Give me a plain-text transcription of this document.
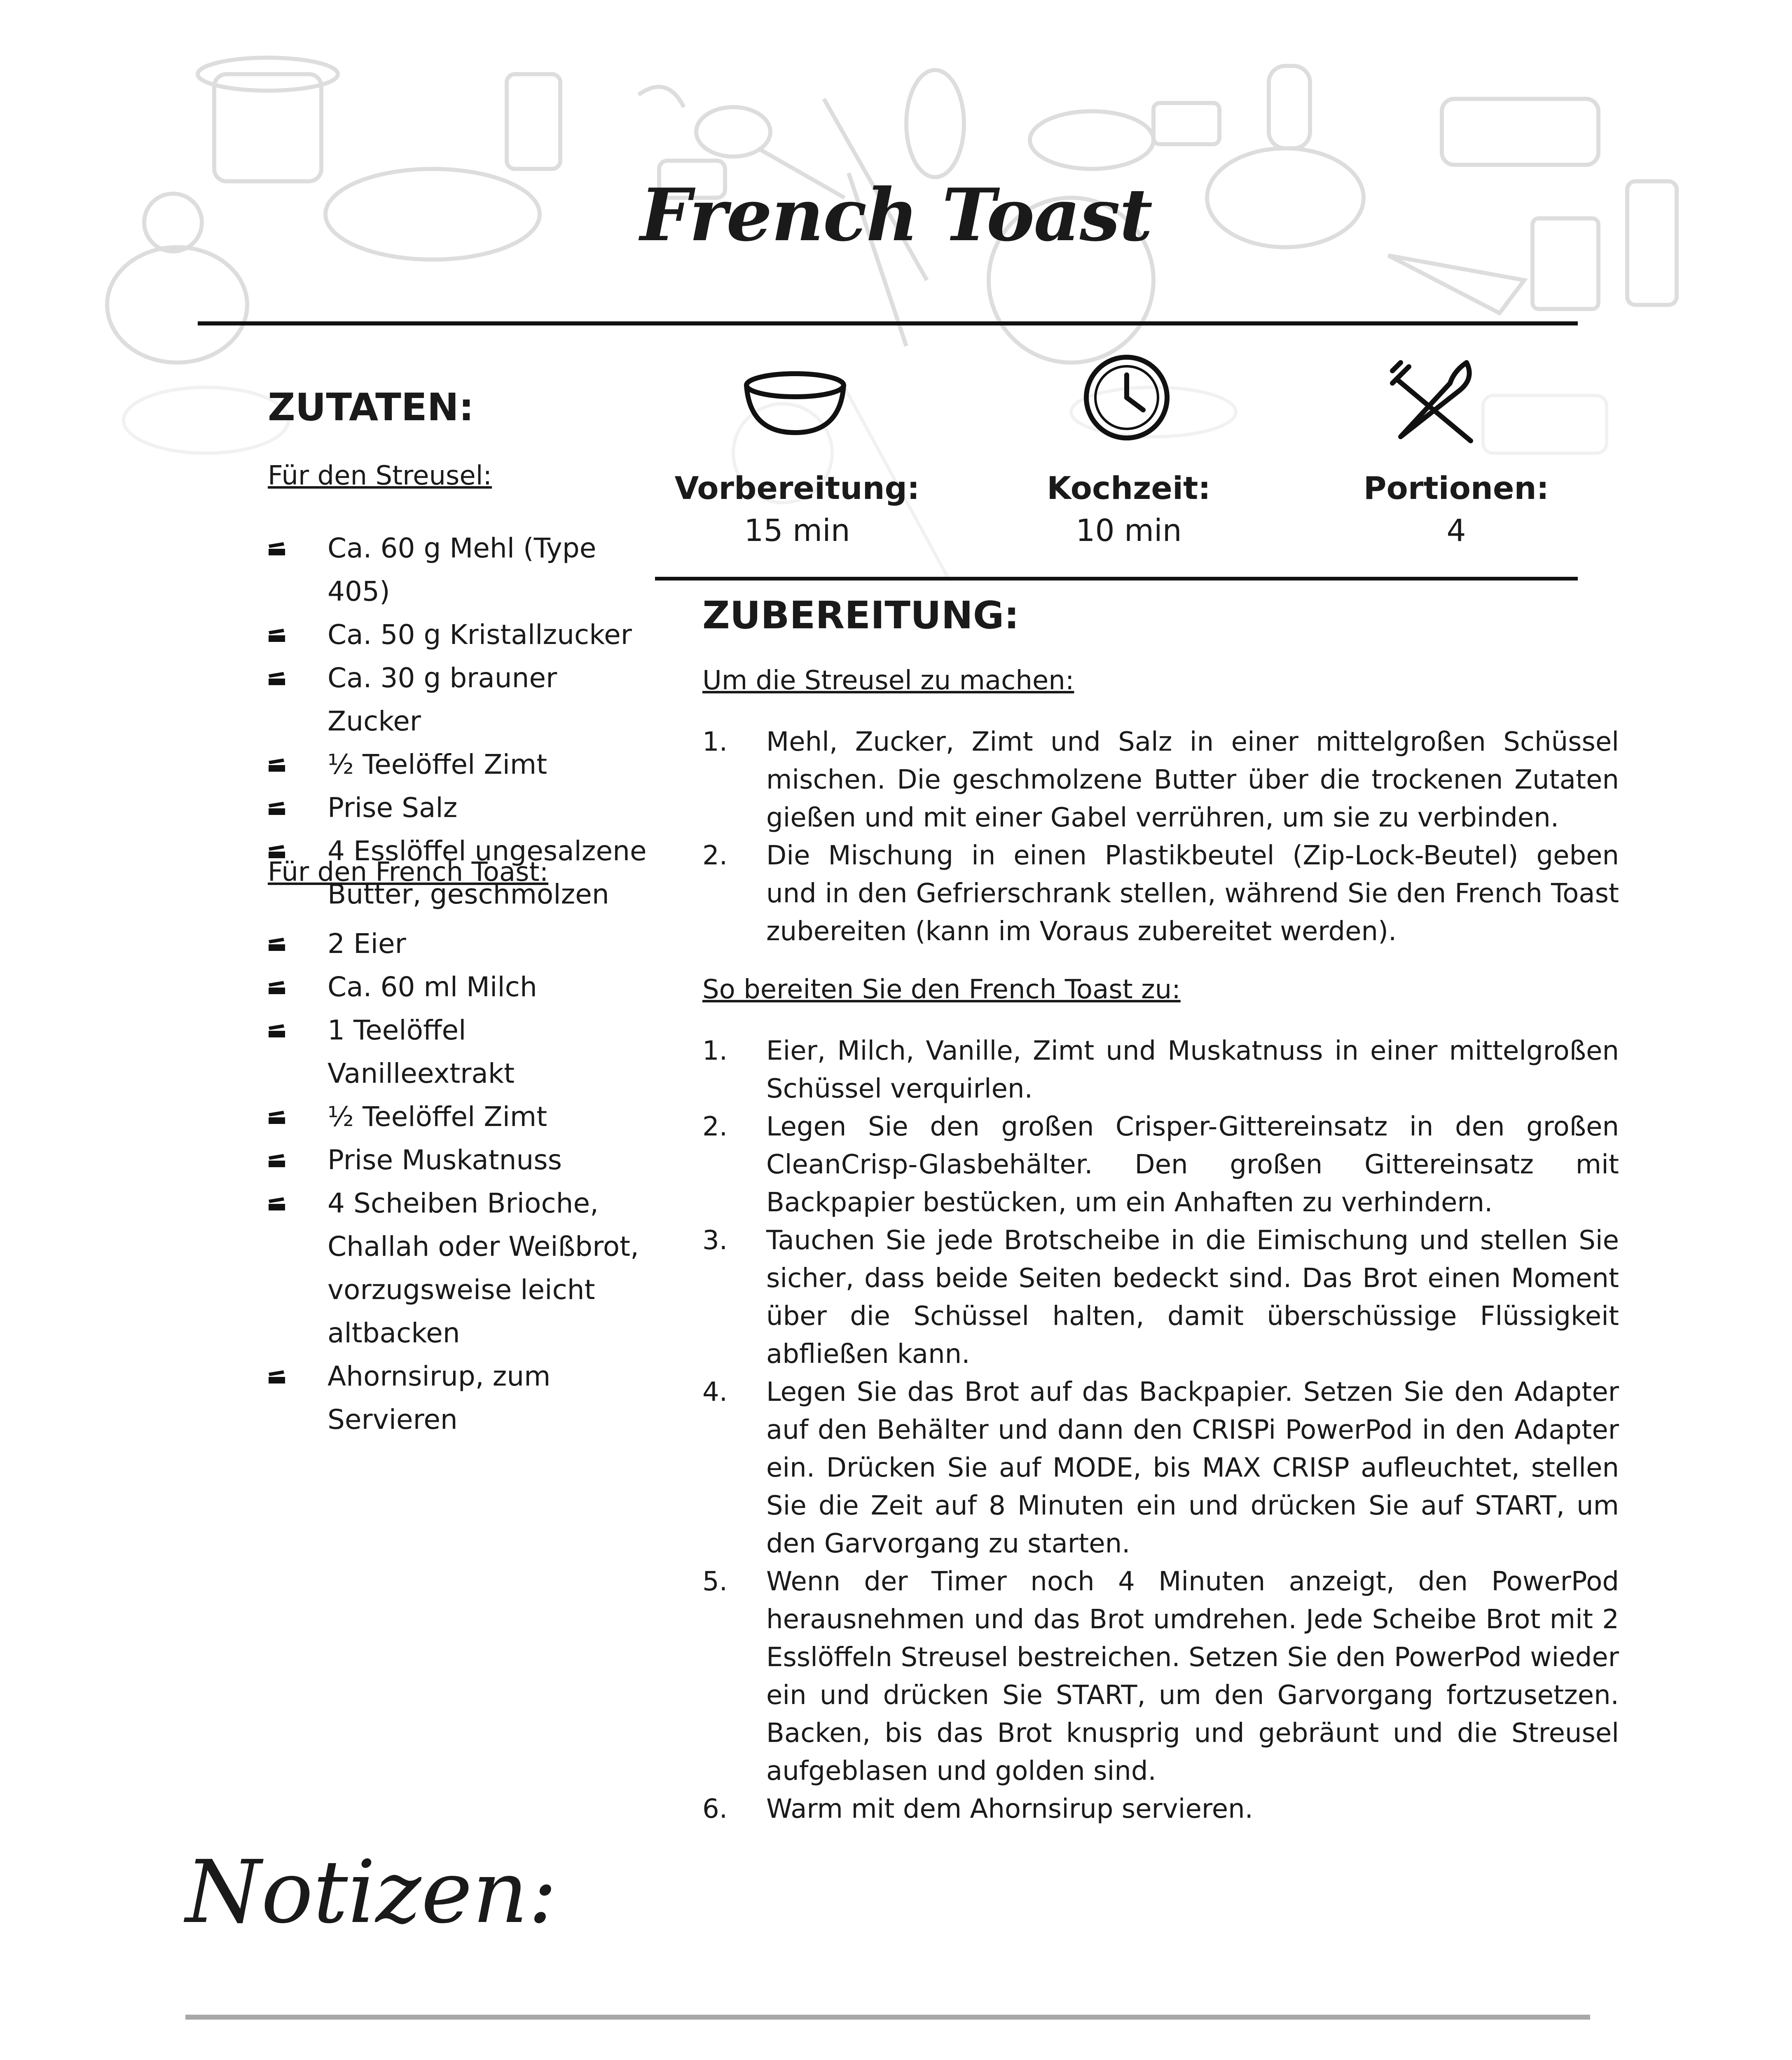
French Toast
ZUTATEN:
Für den Streusel:
Ca. 60 g Mehl (Type 405)
Ca. 50 g Kristallzucker
Ca. 30 g brauner Zucker
½ Teelöffel Zimt
Prise Salz
4 Esslöffel ungesalzene Butter, geschmolzen
Für den French Toast:
2 Eier
Ca. 60 ml Milch
1 Teelöffel Vanilleextrakt
½ Teelöffel Zimt
Prise Muskatnuss
4 Scheiben Brioche, Challah oder Weißbrot, vorzugsweise leicht altbacken
Ahornsirup, zum Servieren
Vorbereitung:
15 min
Kochzeit:
10 min
Portionen:
4
ZUBEREITUNG:
Um die Streusel zu machen:
1. Mehl, Zucker, Zimt und Salz in einer mittelgroßen Schüssel mischen. Die geschmolzene Butter über die trockenen Zutaten gießen und mit einer Gabel verrühren, um sie zu verbinden.
2. Die Mischung in einen Plastikbeutel (Zip-Lock-Beutel) geben und in den Gefrierschrank stellen, während Sie den French Toast zubereiten (kann im Voraus zubereitet werden).
So bereiten Sie den French Toast zu:
1. Eier, Milch, Vanille, Zimt und Muskatnuss in einer mittelgroßen Schüssel verquirlen.
2. Legen Sie den großen Crisper-Gittereinsatz in den großen CleanCrisp-Glasbehälter. Den großen Gittereinsatz mit Backpapier bestücken, um ein Anhaften zu verhindern.
3. Tauchen Sie jede Brotscheibe in die Eimischung und stellen Sie sicher, dass beide Seiten bedeckt sind. Das Brot einen Moment über die Schüssel halten, damit überschüssige Flüssigkeit abfließen kann.
4. Legen Sie das Brot auf das Backpapier. Setzen Sie den Adapter auf den Behälter und dann den CRISPi PowerPod in den Adapter ein. Drücken Sie auf MODE, bis MAX CRISP aufleuchtet, stellen Sie die Zeit auf 8 Minuten ein und drücken Sie auf START, um den Garvorgang zu starten.
5. Wenn der Timer noch 4 Minuten anzeigt, den PowerPod herausnehmen und das Brot umdrehen. Jede Scheibe Brot mit 2 Esslöffeln Streusel bestreichen. Setzen Sie den PowerPod wieder ein und drücken Sie START, um den Garvorgang fortzusetzen. Backen, bis das Brot knusprig und gebräunt und die Streusel aufgeblasen und golden sind.
6. Warm mit dem Ahornsirup servieren.
Notizen:
